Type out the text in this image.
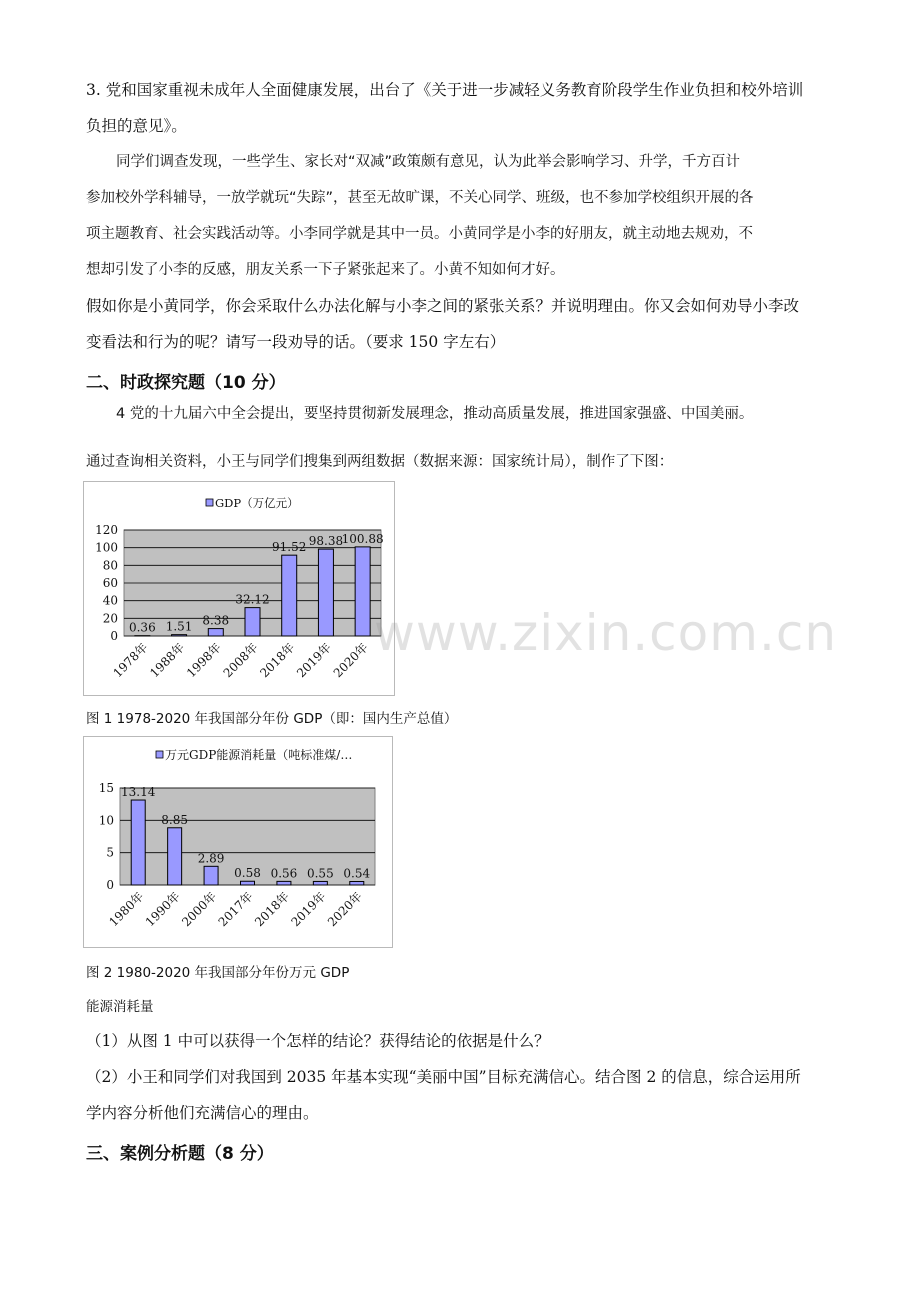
3. 党和国家重视未成年人全面健康发展，出台了《关于进一步减轻义务教育阶段学生作业负担和校外培训
负担的意见》。
同学们调查发现，一些学生、家长对“双减”政策颇有意见，认为此举会影响学习、升学，千方百计
参加校外学科辅导，一放学就玩“失踪”，甚至无故旷课，不关心同学、班级，也不参加学校组织开展的各
项主题教育、社会实践活动等。小李同学就是其中一员。小黄同学是小李的好朋友，就主动地去规劝，不
想却引发了小李的反感，朋友关系一下子紧张起来了。小黄不知如何才好。
假如你是小黄同学，你会采取什么办法化解与小李之间的紧张关系？并说明理由。你又会如何劝导小李改
变看法和行为的呢？请写一段劝导的话。（要求 150 字左右）
二、时政探究题（10 分）
4 党的十九届六中全会提出，要坚持贯彻新发展理念，推动高质量发展，推进国家强盛、中国美丽。
通过查询相关资料，小王与同学们搜集到两组数据（数据来源：国家统计局），制作了下图：
0
20
40
60
80
100
120
GDP（万亿元）
0.36
1978年
1.51
1988年
8.38
1998年
32.12
2008年
91.52
2018年
98.38
2019年
100.88
2020年
图 1 1978-2020 年我国部分年份 GDP（即：国内生产总值）
0
5
10
15
万元GDP能源消耗量（吨标准煤/…
13.14
1980年
8.85
1990年
2.89
2000年
0.58
2017年
0.56
2018年
0.55
2019年
0.54
2020年
图 2 1980-2020 年我国部分年份万元 GDP
能源消耗量
www.zixin.com.cn
（1）从图 1 中可以获得一个怎样的结论？获得结论的依据是什么？
（2）小王和同学们对我国到 2035 年基本实现“美丽中国”目标充满信心。结合图 2 的信息，综合运用所
学内容分析他们充满信心的理由。
三、案例分析题（8 分）
